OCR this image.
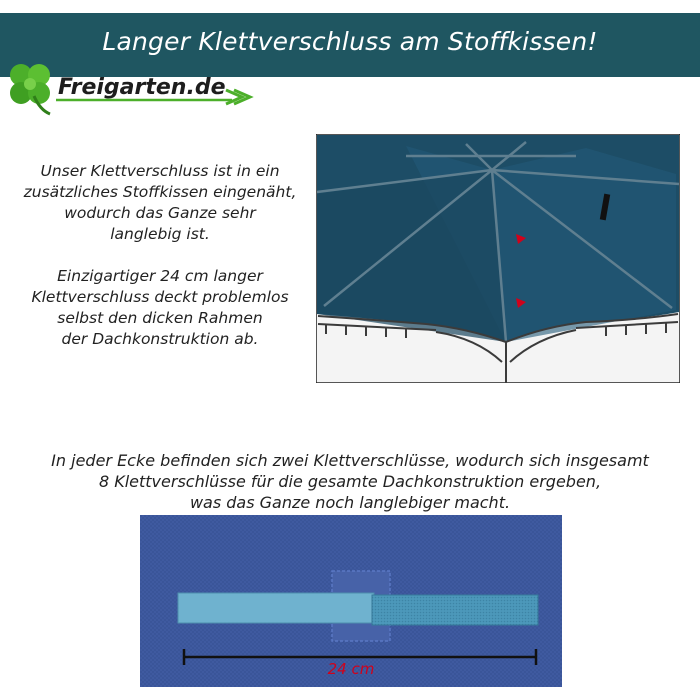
Langer Klettverschluss am Stoffkissen!
Freigarten.de

Unser Klettverschluss ist in ein

zusätzliches Stoffkissen eingenäht,

wodurch das Ganze sehr

langlebig ist.

Einzigartiger 24 cm langer

Klettverschluss deckt problemlos

selbst den dicken Rahmen

der Dachkonstruktion ab.

In jeder Ecke befinden sich zwei Klettverschlüsse, wodurch sich insgesamt

8 Klettverschlüsse für die gesamte Dachkonstruktion ergeben,

was das Ganze noch langlebiger macht.

24 cm
